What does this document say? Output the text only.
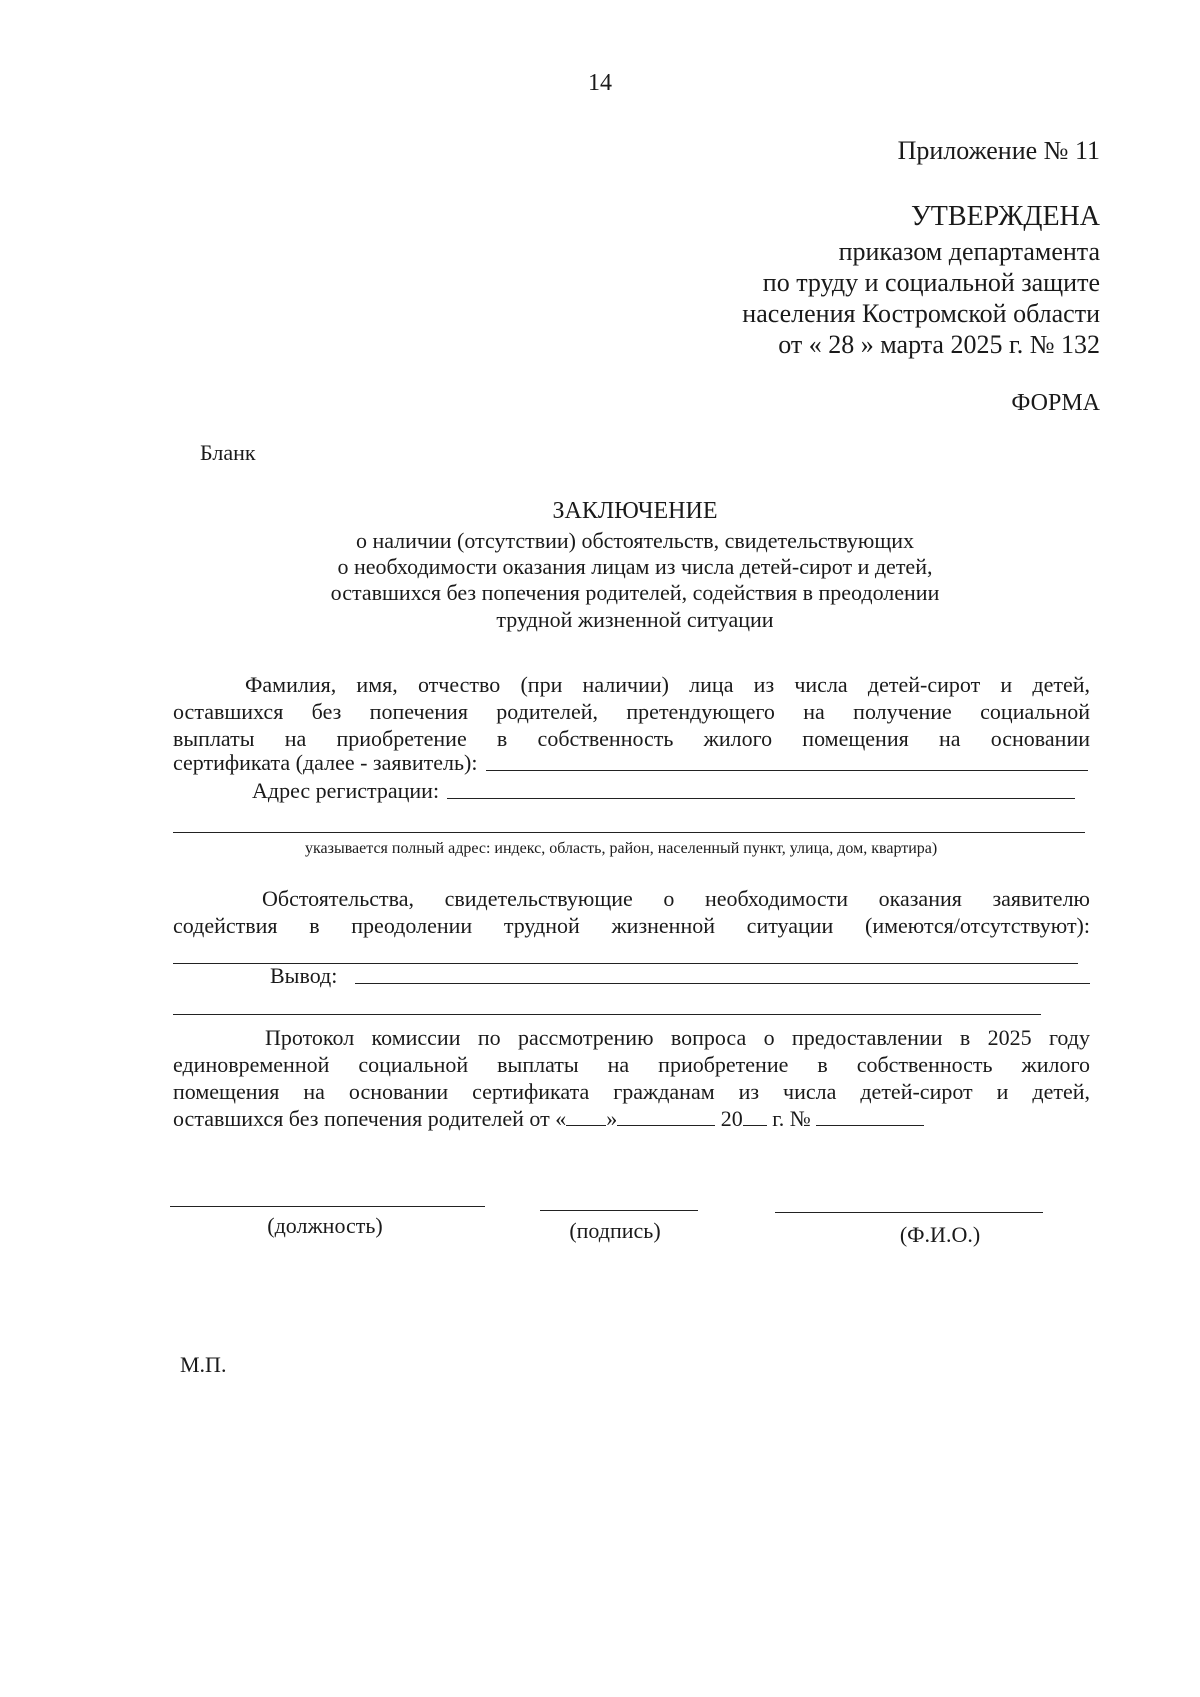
14
Приложение № 11
УТВЕРЖДЕНА
приказом департамента
по труду и социальной защите
населения Костромской области
от « 28 » марта 2025 г. № 132
ФОРМА
Бланк
ЗАКЛЮЧЕНИЕ
о наличии (отсутствии) обстоятельств, свидетельствующих
о необходимости оказания лицам из числа детей-сирот и детей,
оставшихся без попечения родителей, содействия в преодолении
трудной жизненной ситуации
Фамилия, имя, отчество (при наличии) лица из числа детей-сирот и детей,
оставшихся без попечения родителей, претендующего на получение социальной
выплаты на приобретение в собственность жилого помещения на основании
сертификата (далее - заявитель):
Адрес регистрации:
указывается полный адрес: индекс, область, район, населенный пункт, улица, дом, квартира)
Обстоятельства, свидетельствующие о необходимости оказания заявителю
содействия в преодолении трудной жизненной ситуации (имеются/отсутствуют):
Вывод:
Протокол комиссии по рассмотрению вопроса о предоставлении в 2025 году
единовременной социальной выплаты на приобретение в собственность жилого
помещения на основании сертификата гражданам из числа детей-сирот и детей,
оставшихся без попечения родителей от « »	20 г. №
(должность)	(подпись)	(Ф.И.О.)
М.П.
